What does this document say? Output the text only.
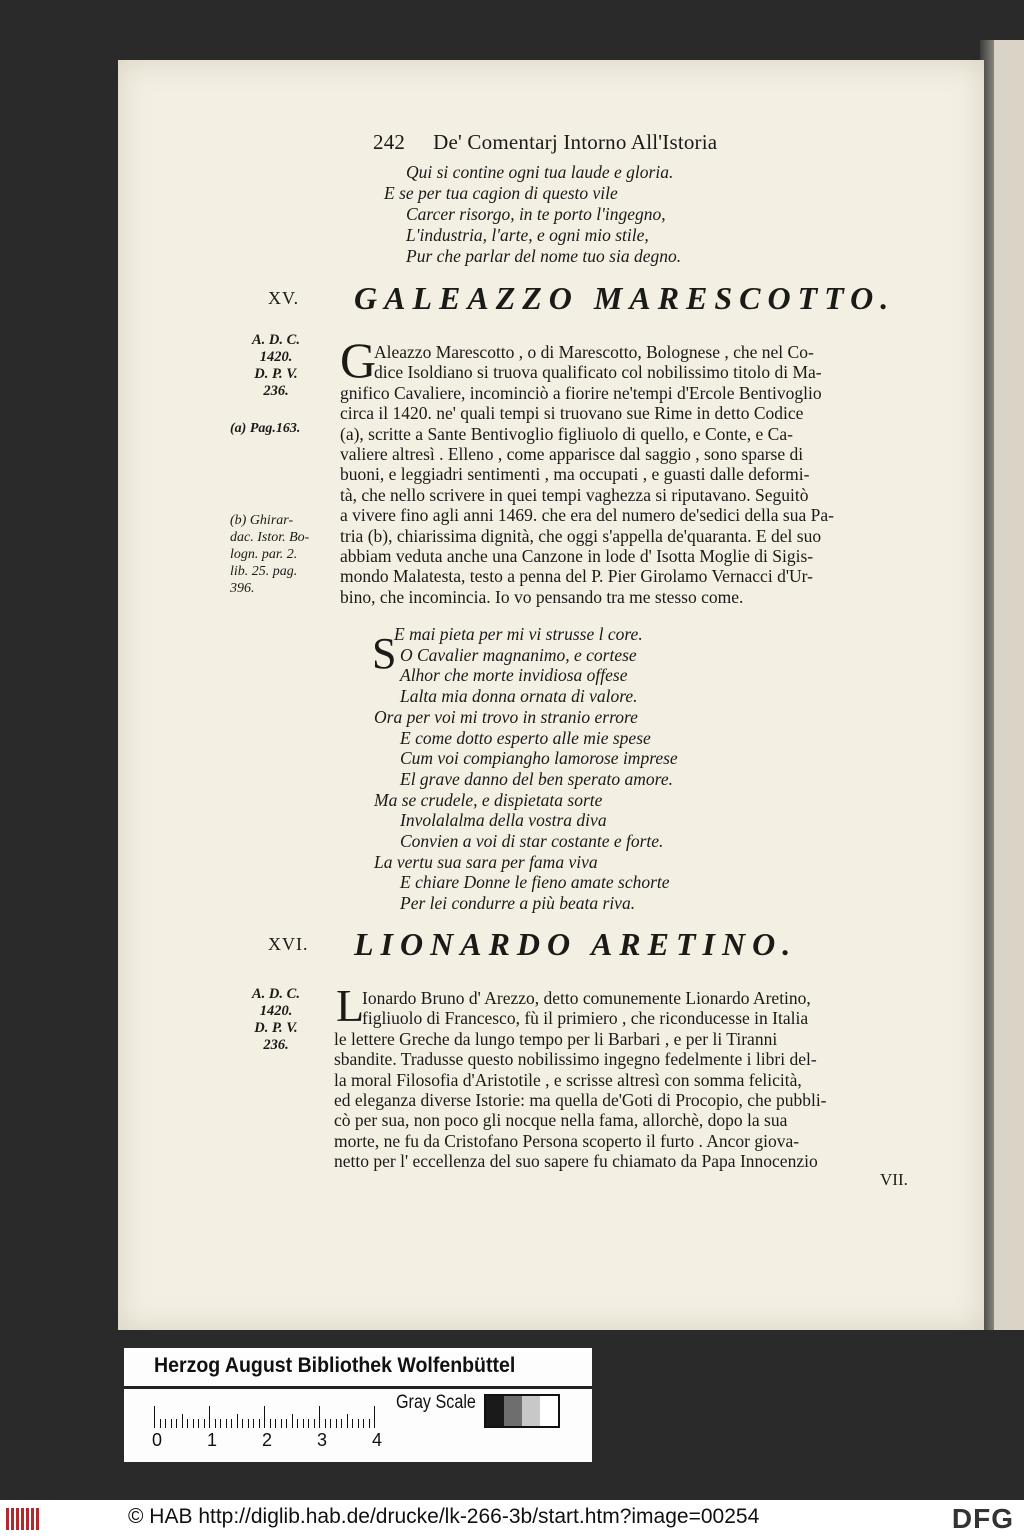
242 De' Comentarj Intorno All'Istoria
Qui si contine ogni tua laude e gloria.
E se per tua cagion di questo vile
Carcer risorgo, in te porto l'ingegno,
L'industria, l'arte, e ogni mio stile,
Pur che parlar del nome tuo sia degno.
XV. GALEAZZO MARESCOTTO.
A. D. C.
1420.
D. P. V.
236.
(a) Pag.163.
(b) Ghirar-
dac. Istor. Bo-
logn. par. 2.
lib. 25. pag.
396.
G
Aleazzo Marescotto , o di Marescotto, Bolognese , che nel Co-
dice Isoldiano si truova qualificato col nobilissimo titolo di Ma-
gnifico Cavaliere, incominciò a fiorire ne'tempi d'Ercole Bentivoglio
circa il 1420. ne' quali tempi si truovano sue Rime in detto Codice
(a), scritte a Sante Bentivoglio figliuolo di quello, e Conte, e Ca-
valiere altresì . Elleno , come apparisce dal saggio , sono sparse di
buoni, e leggiadri sentimenti , ma occupati , e guasti dalle deformi-
tà, che nello scrivere in quei tempi vaghezza si riputavano. Seguitò
a vivere fino agli anni 1469. che era del numero de'sedici della sua Pa-
tria (b), chiarissima dignità, che oggi s'appella de'quaranta. E del suo
abbiam veduta anche una Canzone in lode d' Isotta Moglie di Sigis-
mondo Malatesta, testo a penna del P. Pier Girolamo Vernacci d'Ur-
bino, che incomincia. Io vo pensando tra me stesso come.
S
E mai pieta per mi vi strusse l core.
O Cavalier magnanimo, e cortese
Alhor che morte invidiosa offese
Lalta mia donna ornata di valore.
Ora per voi mi trovo in stranio errore
E come dotto esperto alle mie spese
Cum voi compiangho lamorose imprese
El grave danno del ben sperato amore.
Ma se crudele, e dispietata sorte
Involalalma della vostra diva
Convien a voi di star costante e forte.
La vertu sua sara per fama viva
E chiare Donne le fieno amate schorte
Per lei condurre a più beata riva.
XVI. LIONARDO ARETINO.
A. D. C.
1420.
D. P. V.
236.
L
Ionardo Bruno d' Arezzo, detto comunemente Lionardo Aretino,
figliuolo di Francesco, fù il primiero , che riconducesse in Italia
le lettere Greche da lungo tempo per li Barbari , e per li Tiranni
sbandite. Tradusse questo nobilissimo ingegno fedelmente i libri del-
la moral Filosofia d'Aristotile , e scrisse altresì con somma felicità,
ed eleganza diverse Istorie: ma quella de'Goti di Procopio, che pubbli-
cò per sua, non poco gli nocque nella fama, allorchè, dopo la sua
morte, ne fu da Cristofano Persona scoperto il furto . Ancor giova-
netto per l' eccellenza del suo sapere fu chiamato da Papa Innocenzio
VII.
Herzog August Bibliothek Wolfenbüttel
0 1 2 3 4
Gray Scale
© HAB http://diglib.hab.de/drucke/lk-266-3b/start.htm?image=00254	DFG
